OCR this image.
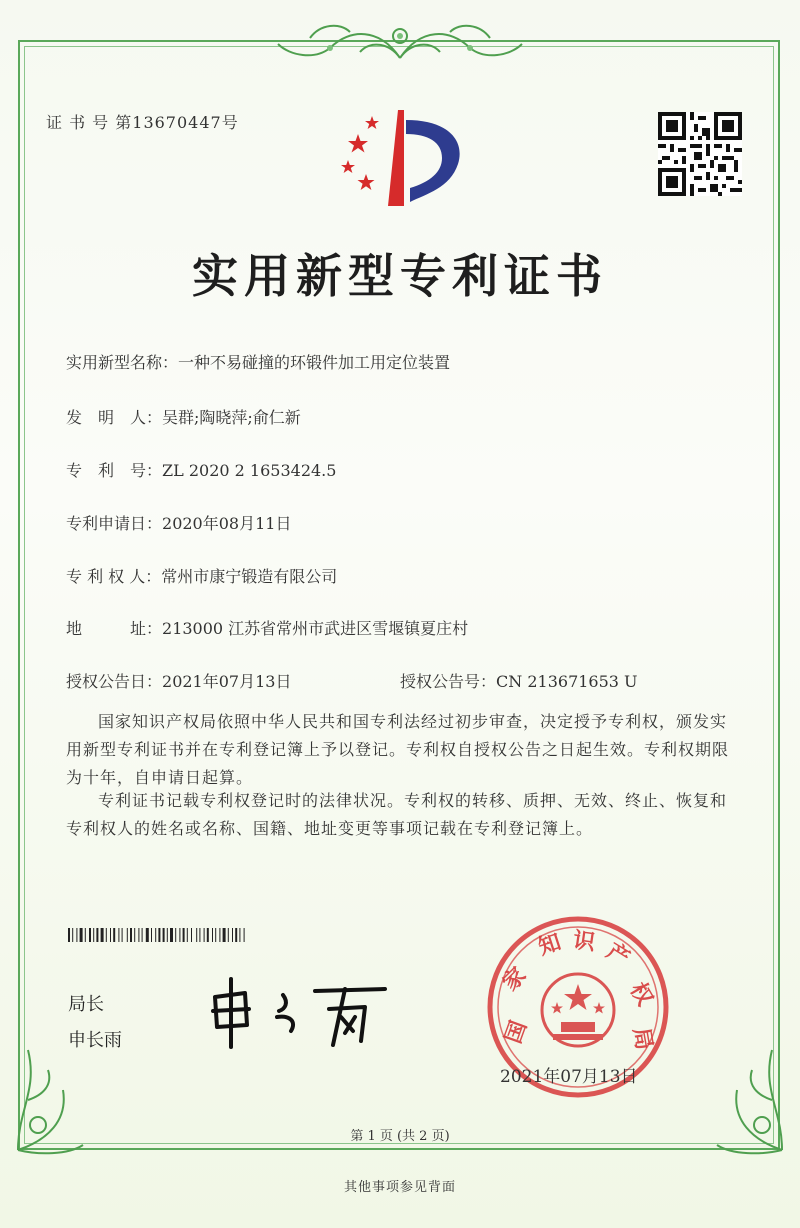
证 书 号 第13670447号
实用新型专利证书
实用新型名称：一种不易碰撞的环锻件加工用定位装置
发　明　人：吴群;陶晓萍;俞仁新
专　利　号：ZL 2020 2 1653424.5
专利申请日：2020年08月11日
专 利 权 人：常州市康宁锻造有限公司
地　　　址：213000 江苏省常州市武进区雪堰镇夏庄村
授权公告日：2021年07月13日	授权公告号：CN 213671653 U
国家知识产权局依照中华人民共和国专利法经过初步审查，决定授予专利权，颁发实用新型专利证书并在专利登记簿上予以登记。专利权自授权公告之日起生效。专利权期限为十年，自申请日起算。
专利证书记载专利权登记时的法律状况。专利权的转移、质押、无效、终止、恢复和专利权人的姓名或名称、国籍、地址变更等事项记载在专利登记簿上。
局长
申长雨	国
家
知 识 产
权
局
2021年07月13日
第 1 页 (共 2 页)
其他事项参见背面
